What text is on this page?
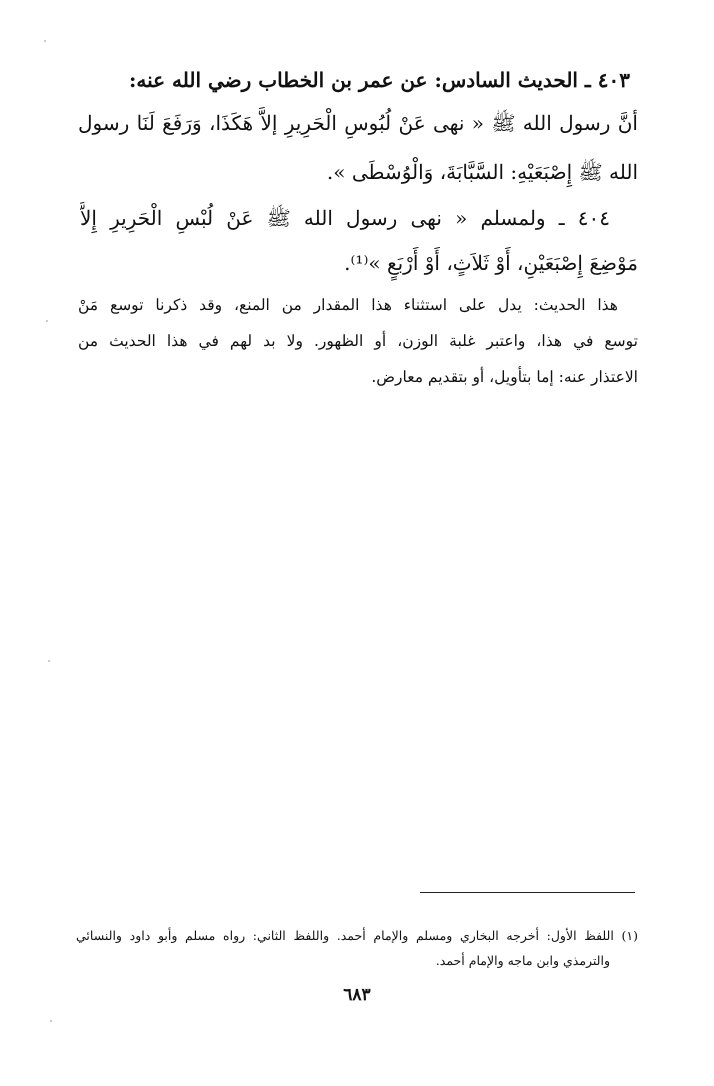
٤٠٣ ـ الحديث السادس: عن عمر بن الخطاب رضي الله عنه:
أنَّ رسول الله ﷺ « نهى عَنْ لُبُوسِ الْحَرِيرِ إلاَّ هَكَذَا، وَرَفَعَ لَنَا رسول
الله ﷺ إِصْبَعَيْهِ: السَّبَّابَةَ، وَالْوُسْطَى ».
٤٠٤ ـ ولمسلم « نهى رسول الله ﷺ عَنْ لُبْسِ الْحَرِيرِ إِلاَّ
مَوْضِعَ إِصْبَعَيْنِ، أَوْ ثَلاَثٍ، أَوْ أَرْبَعٍ »⁽¹⁾.
هذا الحديث: يدل على استثناء هذا المقدار من المنع، وقد ذكرنا توسع مَنْ
توسع في هذا، واعتبر غلبة الوزن، أو الظهور. ولا بد لهم في هذا الحديث من
الاعتذار عنه: إما بتأويل، أو بتقديم معارض.
(١) اللفظ الأول: أخرجه البخاري ومسلم والإمام أحمد. واللفظ الثاني: رواه مسلم وأبو داود والنسائي
والترمذي وابن ماجه والإمام أحمد.
٦٨٣
